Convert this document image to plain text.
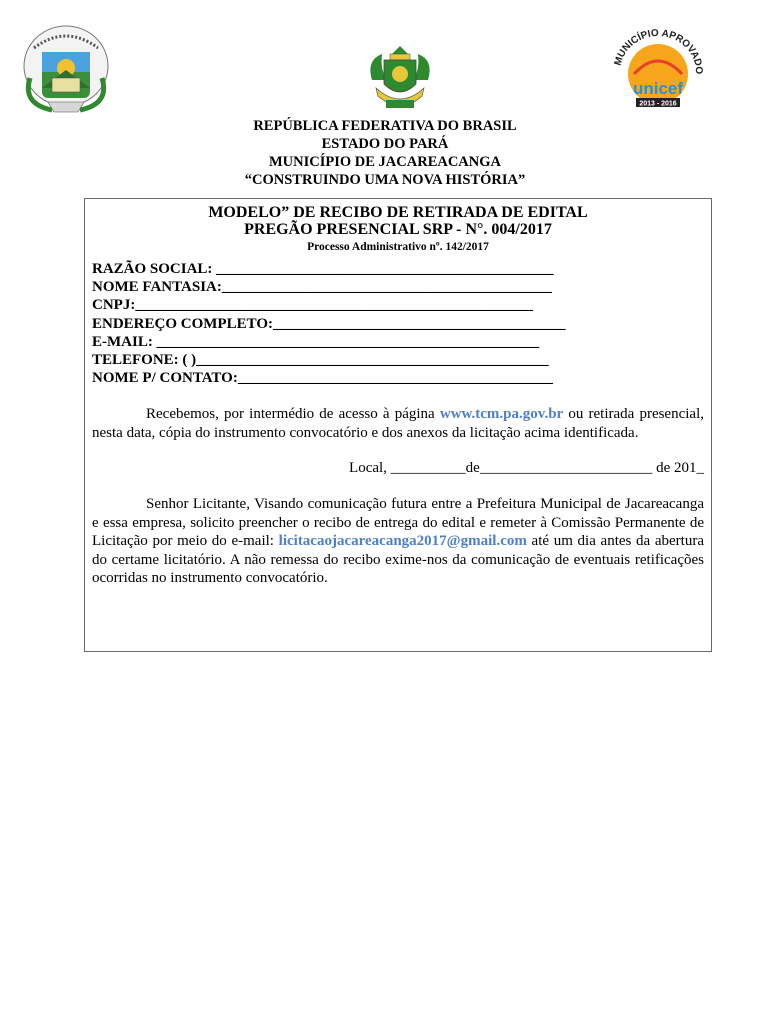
MUNICÍPIO APROVADO
unicef
2013 - 2016
REPÚBLICA FEDERATIVA DO BRASIL
ESTADO DO PARÁ
MUNICÍPIO DE JACAREACANGA
“CONSTRUINDO UMA NOVA HISTÓRIA”
MODELO” DE RECIBO DE RETIRADA DE EDITAL
PREGÃO PRESENCIAL SRP - N°. 004/2017
Processo Administrativo nº. 142/2017
RAZÃO SOCIAL: _____________________________________________
NOME FANTASIA:____________________________________________
CNPJ:_____________________________________________________
ENDEREÇO COMPLETO:_______________________________________
E-MAIL: ___________________________________________________
TELEFONE: ( )_______________________________________________
NOME P/ CONTATO:__________________________________________

Recebemos, por intermédio de acesso à página www.tcm.pa.gov.br ou retirada presencial, nesta data, cópia do instrumento convocatório e dos anexos da licitação acima identificada.

Local, __________de_______________________ de 201_

Senhor Licitante, Visando comunicação futura entre a Prefeitura Municipal de Jacareacanga e essa empresa, solicito preencher o recibo de entrega do edital e remeter à Comissão Permanente de Licitação por meio do e-mail: licitacaojacareacanga2017@gmail.com até um dia antes da abertura do certame licitatório. A não remessa do recibo exime-nos da comunicação de eventuais retificações ocorridas no instrumento convocatório.
